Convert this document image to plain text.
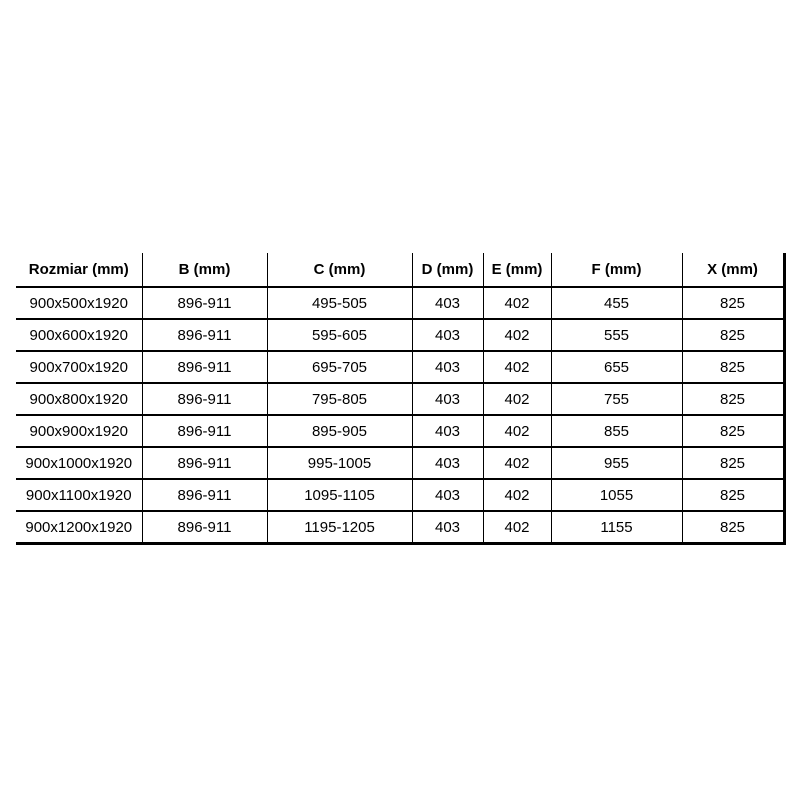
Rozmiar (mm)	B (mm)	C (mm)	D (mm)	E (mm)	F (mm)	X (mm)
900x500x1920	896-911	495-505	403	402	455	825
900x600x1920	896-911	595-605	403	402	555	825
900x700x1920	896-911	695-705	403	402	655	825
900x800x1920	896-911	795-805	403	402	755	825
900x900x1920	896-911	895-905	403	402	855	825
900x1000x1920	896-911	995-1005	403	402	955	825
900x1100x1920	896-911	1095-1105	403	402	1055	825
900x1200x1920	896-911	1195-1205	403	402	1155	825
